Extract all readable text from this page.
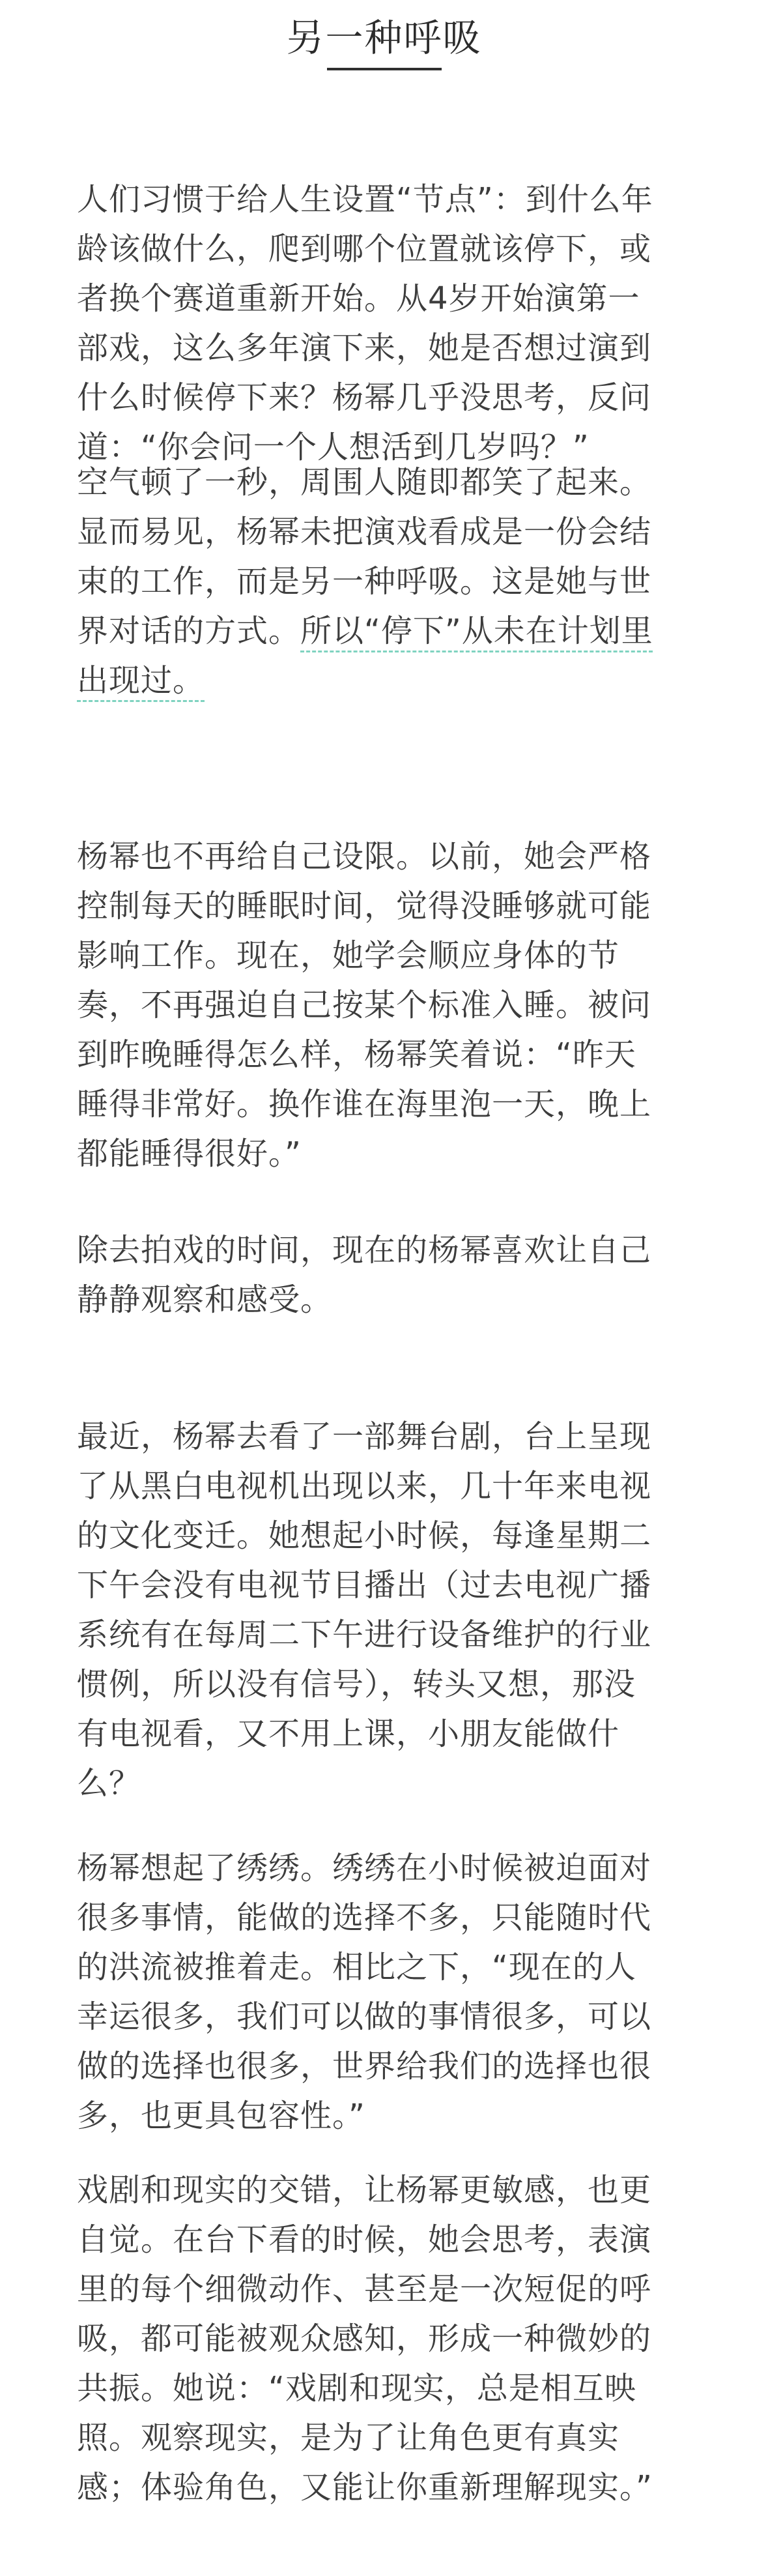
另一种呼吸

人们习惯于给人生设置“节点”：到什么年龄该做什么，爬到哪个位置就该停下，或者换个赛道重新开始。从4岁开始演第一部戏，这么多年演下来，她是否想过演到什么时候停下来？杨幂几乎没思考，反问道：“你会问一个人想活到几岁吗？”

空气顿了一秒，周围人随即都笑了起来。显而易见，杨幂未把演戏看成是一份会结束的工作，而是另一种呼吸。这是她与世界对话的方式。所以“停下”从未在计划里出现过。

杨幂也不再给自己设限。以前，她会严格控制每天的睡眠时间，觉得没睡够就可能影响工作。现在，她学会顺应身体的节奏，不再强迫自己按某个标准入睡。被问到昨晚睡得怎么样，杨幂笑着说：“昨天睡得非常好。换作谁在海里泡一天，晚上都能睡得很好。”

除去拍戏的时间，现在的杨幂喜欢让自己静静观察和感受。

最近，杨幂去看了一部舞台剧，台上呈现了从黑白电视机出现以来，几十年来电视的文化变迁。她想起小时候，每逢星期二下午会没有电视节目播出（过去电视广播系统有在每周二下午进行设备维护的行业惯例，所以没有信号），转头又想，那没有电视看，又不用上课，小朋友能做什么？

杨幂想起了绣绣。绣绣在小时候被迫面对很多事情，能做的选择不多，只能随时代的洪流被推着走。相比之下，“现在的人幸运很多，我们可以做的事情很多，可以做的选择也很多，世界给我们的选择也很多，也更具包容性。”

戏剧和现实的交错，让杨幂更敏感，也更自觉。在台下看的时候，她会思考，表演里的每个细微动作、甚至是一次短促的呼吸，都可能被观众感知，形成一种微妙的共振。她说：“戏剧和现实，总是相互映照。观察现实，是为了让角色更有真实感；体验角色，又能让你重新理解现实。”
